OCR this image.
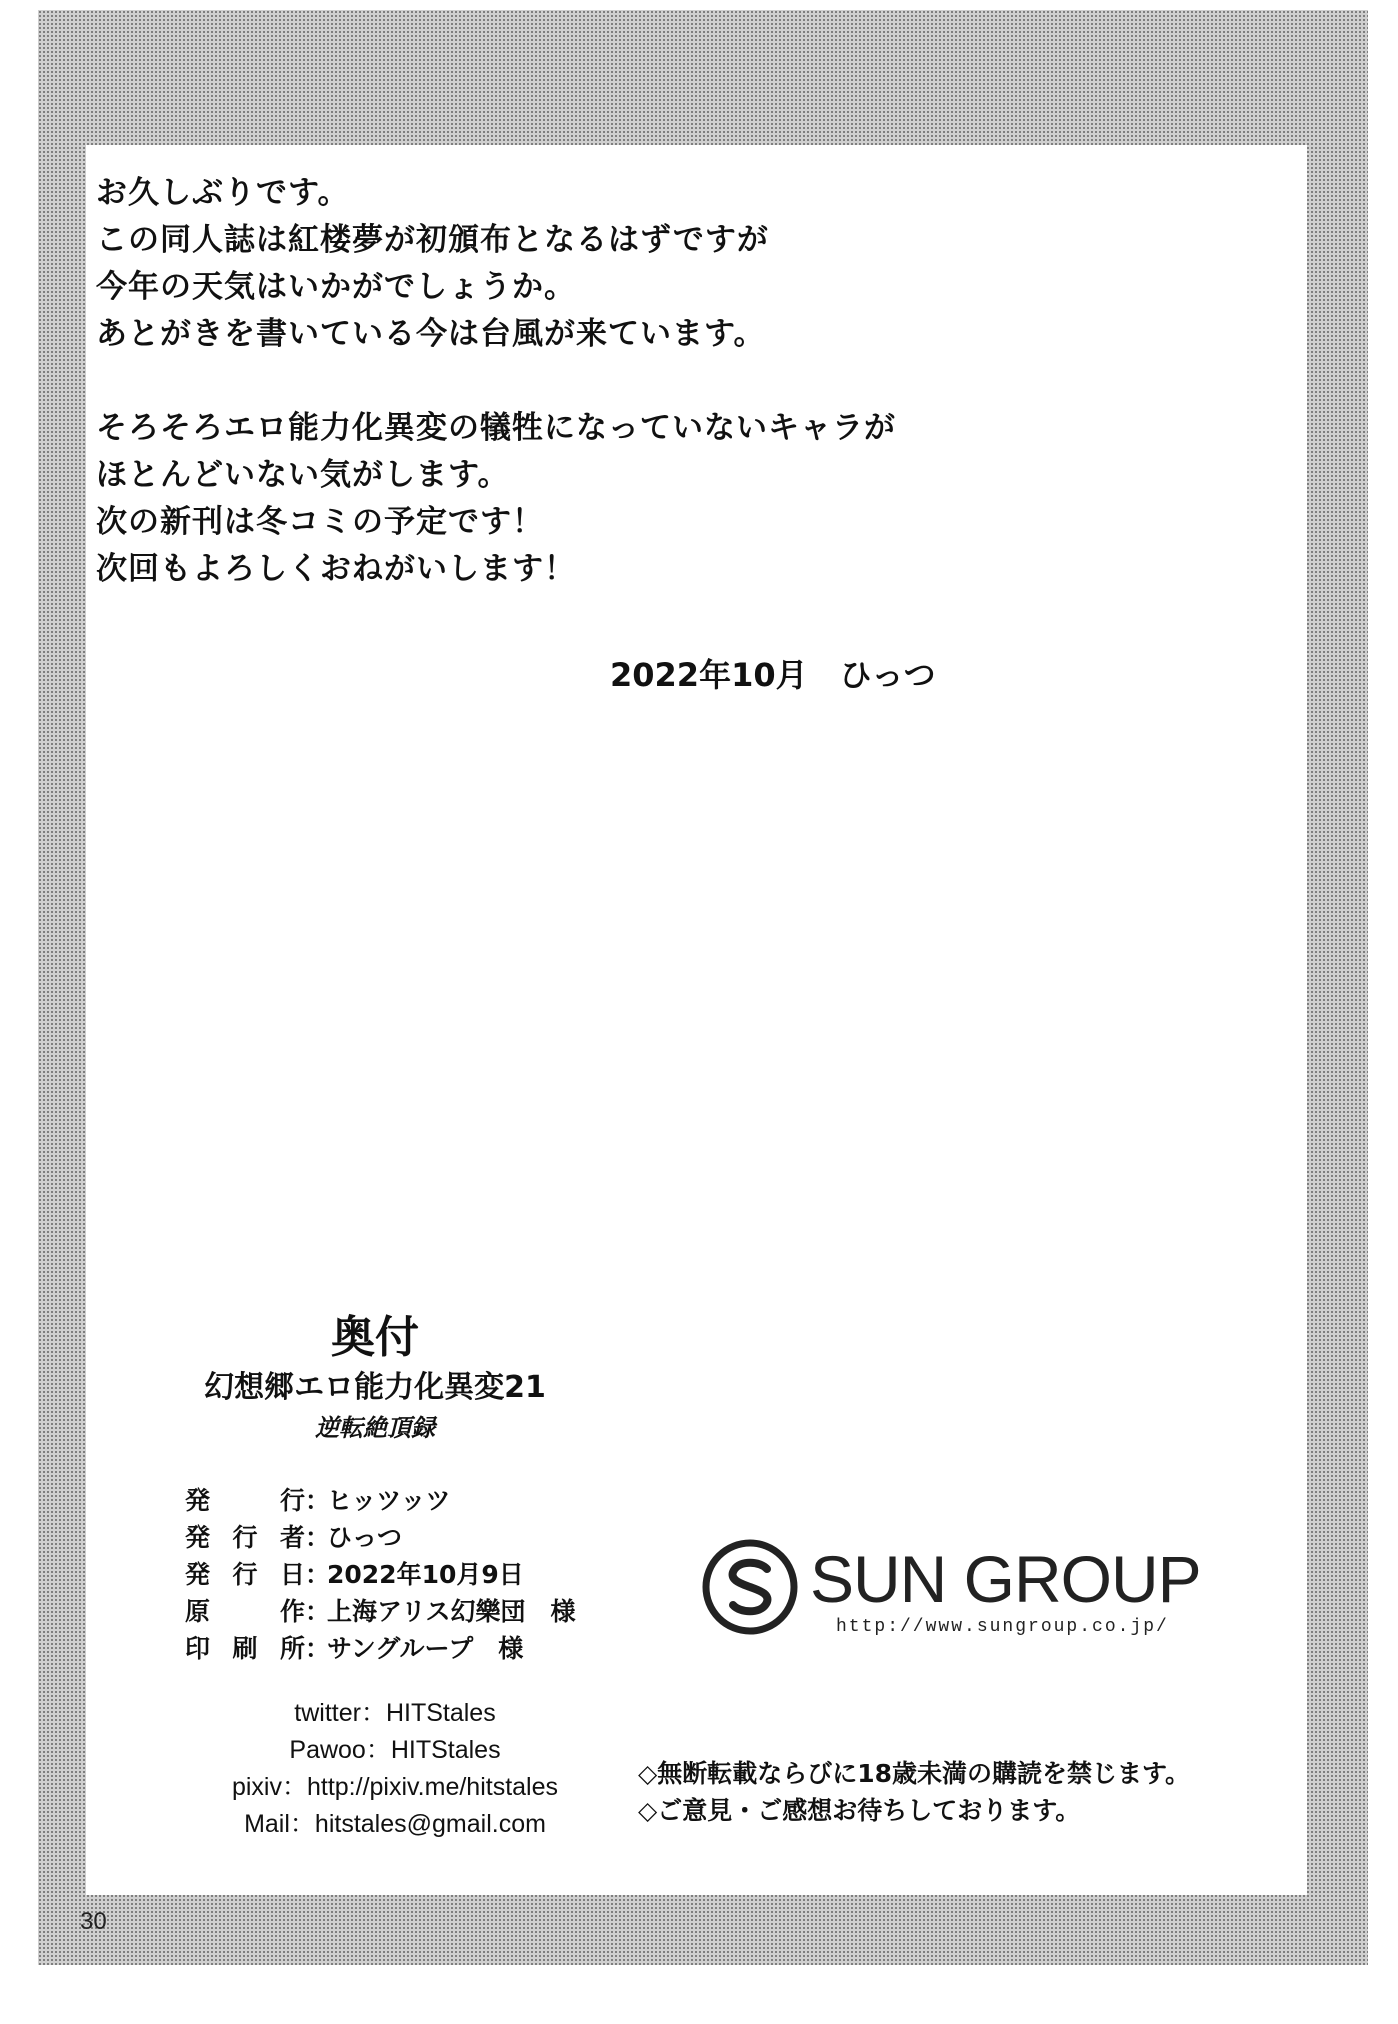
お久しぶりです。
この同人誌は紅楼夢が初頒布となるはずですが
今年の天気はいかがでしょうか。
あとがきを書いている今は台風が来ています。
そろそろエロ能力化異変の犠牲になっていないキャラが
ほとんどいない気がします。
次の新刊は冬コミの予定です！
次回もよろしくおねがいします！
2022年10月　ひっつ
奥付
幻想郷エロ能力化異変21
逆転絶頂録
発行 ：
ヒッツッツ
発行者 ：
ひっつ
発行日 ：
2022年10月9日
原作 ：
上海アリス幻樂団　様
印刷所 ：
サングループ　様
twitter：HITStales
Pawoo：HITStales
pixiv：http://pixiv.me/hitstales
Mail：hitstales@gmail.com
SUN GROUP
http://www.sungroup.co.jp/
◇無断転載ならびに18歳未満の購読を禁じます。
◇ご意見・ご感想お待ちしております。
30
